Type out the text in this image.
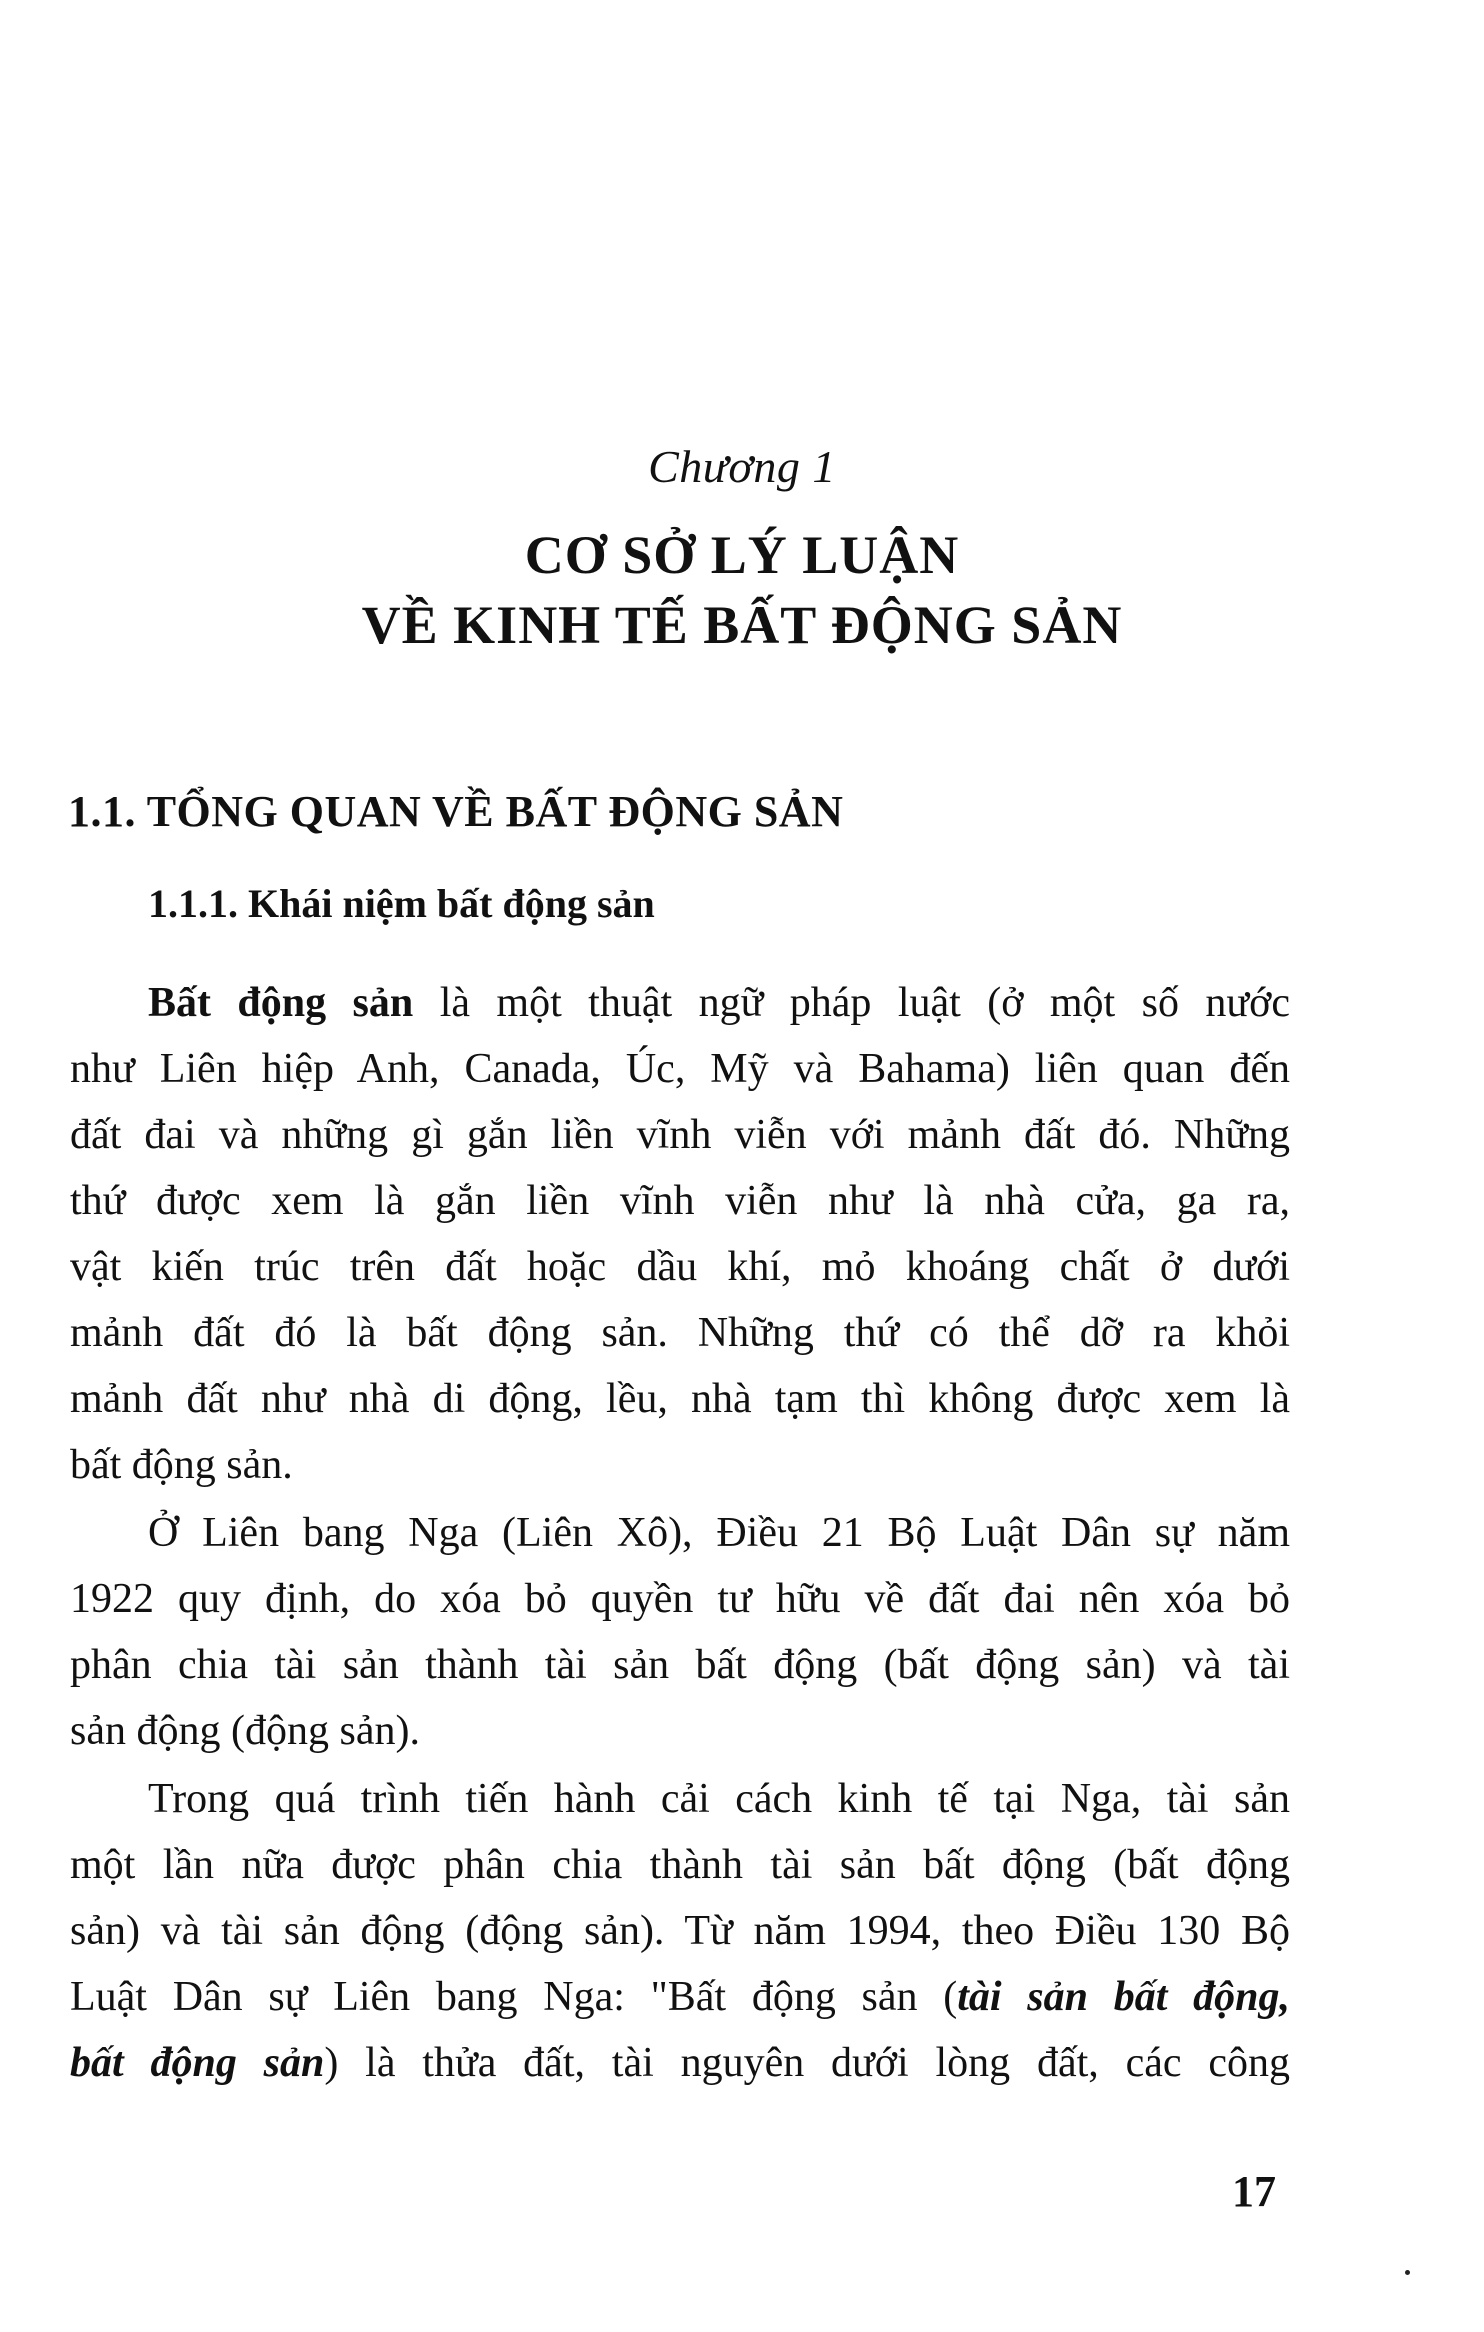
Chương 1
CƠ SỞ LÝ LUẬN
VỀ KINH TẾ BẤT ĐỘNG SẢN
1.1. TỔNG QUAN VỀ BẤT ĐỘNG SẢN
1.1.1. Khái niệm bất động sản
Bất động sản là một thuật ngữ pháp luật (ở một số nước
như Liên hiệp Anh, Canada, Úc, Mỹ và Bahama) liên quan đến
đất đai và những gì gắn liền vĩnh viễn với mảnh đất đó. Những
thứ được xem là gắn liền vĩnh viễn như là nhà cửa, ga ra,
vật kiến trúc trên đất hoặc dầu khí, mỏ khoáng chất ở dưới
mảnh đất đó là bất động sản. Những thứ có thể dỡ ra khỏi
mảnh đất như nhà di động, lều, nhà tạm thì không được xem là
bất động sản.
Ở Liên bang Nga (Liên Xô), Điều 21 Bộ Luật Dân sự năm
1922 quy định, do xóa bỏ quyền tư hữu về đất đai nên xóa bỏ
phân chia tài sản thành tài sản bất động (bất động sản) và tài
sản động (động sản).
Trong quá trình tiến hành cải cách kinh tế tại Nga, tài sản
một lần nữa được phân chia thành tài sản bất động (bất động
sản) và tài sản động (động sản). Từ năm 1994, theo Điều 130 Bộ
Luật Dân sự Liên bang Nga: "Bất động sản (tài sản bất động,
bất động sản) là thửa đất, tài nguyên dưới lòng đất, các công
17
